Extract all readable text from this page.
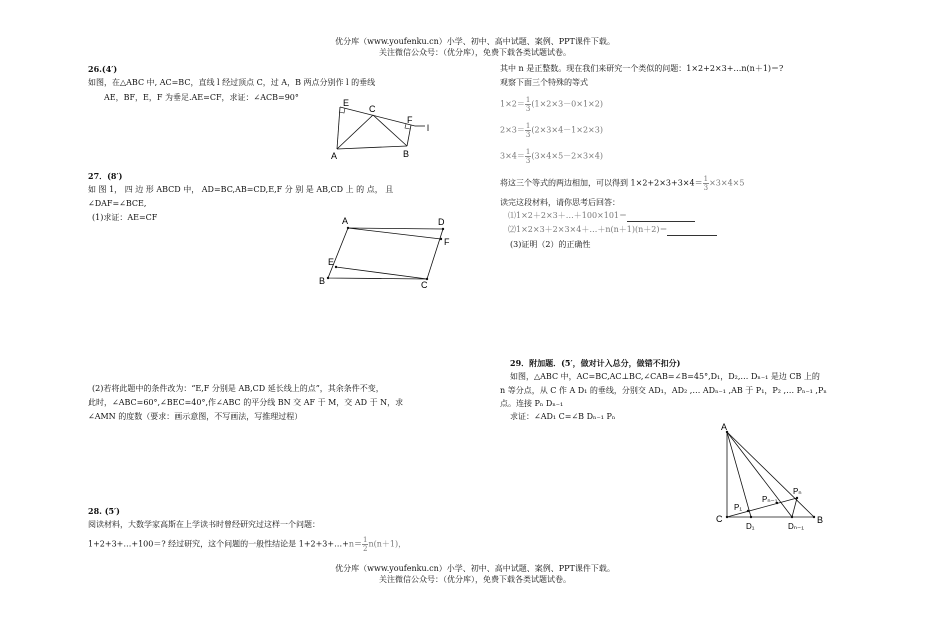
优分库（www.youfenku.cn）小学、初中、高中试题、案例、PPT课件下载。
关注微信公众号：（优分库），免费下载各类试题试卷。
26.(4′)
如图，在△ABC 中, AC=BC，直线 l 经过顶点 C，过 A，B 两点分别作 l 的垂线
AE，BF，E，F 为垂足.AE=CF，求证：∠ACB=90°
E
C
F
l
A	B
27．(8′)
如 图 1， 四 边 形 ABCD 中， AD=BC,AB=CD,E,F 分 别 是 AB,CD 上 的 点， 且
∠DAF=∠BCE,
(1)求证：AE=CF	A	D
F
E
B	C
(2)若将此题中的条件改为：“E,F 分别是 AB,CD 延长线上的点”，其余条件不变，
此时，∠ABC=60°,∠BEC=40°,作∠ABC 的平分线 BN 交 AF 于 M，交 AD 于 N，求
∠AMN 的度数（要求：画示意图，不写画法，写推理过程）
28. (5′)
阅读材料，大数学家高斯在上学读书时曾经研究过这样一个问题：
1+2+3+…+100＝? 经过研究，这个问题的一般性结论是 1+2+3+…+n＝ $\frac{1}{2} n(n+1)$，
其中 n 是正整数。现在我们来研究一个类似的问题：1×2+2×3+…n(n＋1)＝?
观察下面三个特殊的等式
$1\times 2= \frac{1}{3} (1\times 2\times 3-0\times 1\times 2)$
$2\times 3= \frac{1}{3} (2\times 3\times 4-1\times 2\times 3)$
$3\times 4= \frac{1}{3} (3\times 4\times 5-2\times 3\times 4)$
将这三个等式的两边相加，可以得到 $1\times 2+2\times 3+3\times 4= \frac{1}{3} \times 3\times 4\times 5$
读完这段材料，请你思考后回答：
⑴1×2＋2×3＋…＋100×101＝
⑵1×2×3＋2×3×4＋…＋n(n＋1)(n＋2)＝
(3)证明（2）的正确性
29．附加题．(5′，做对计入总分，做错不扣分)
如图，△ABC 中，AC=BC,AC⊥BC,∠CAB=∠B=45°,D₁，D₂,… Dₙ₋₁ 是边 CB 上的
n 等分点，从 C 作 A D₁ 的垂线，分别交 AD₁，AD₂ ,… ADₙ₋₁ ,AB 于 P₁，P₂ ,… Pₙ₋₁ ,Pₙ
点。连接 Pₙ Dₙ₋₁
求证：∠AD₁ C=∠B Dₙ₋₁ Pₙ
A
C
D₁	Dₙ₋₁
B
P₁
Pₙ₋₁
Pₙ
优分库（www.youfenku.cn）小学、初中、高中试题、案例、PPT课件下载。
关注微信公众号：（优分库），免费下载各类试题试卷。
